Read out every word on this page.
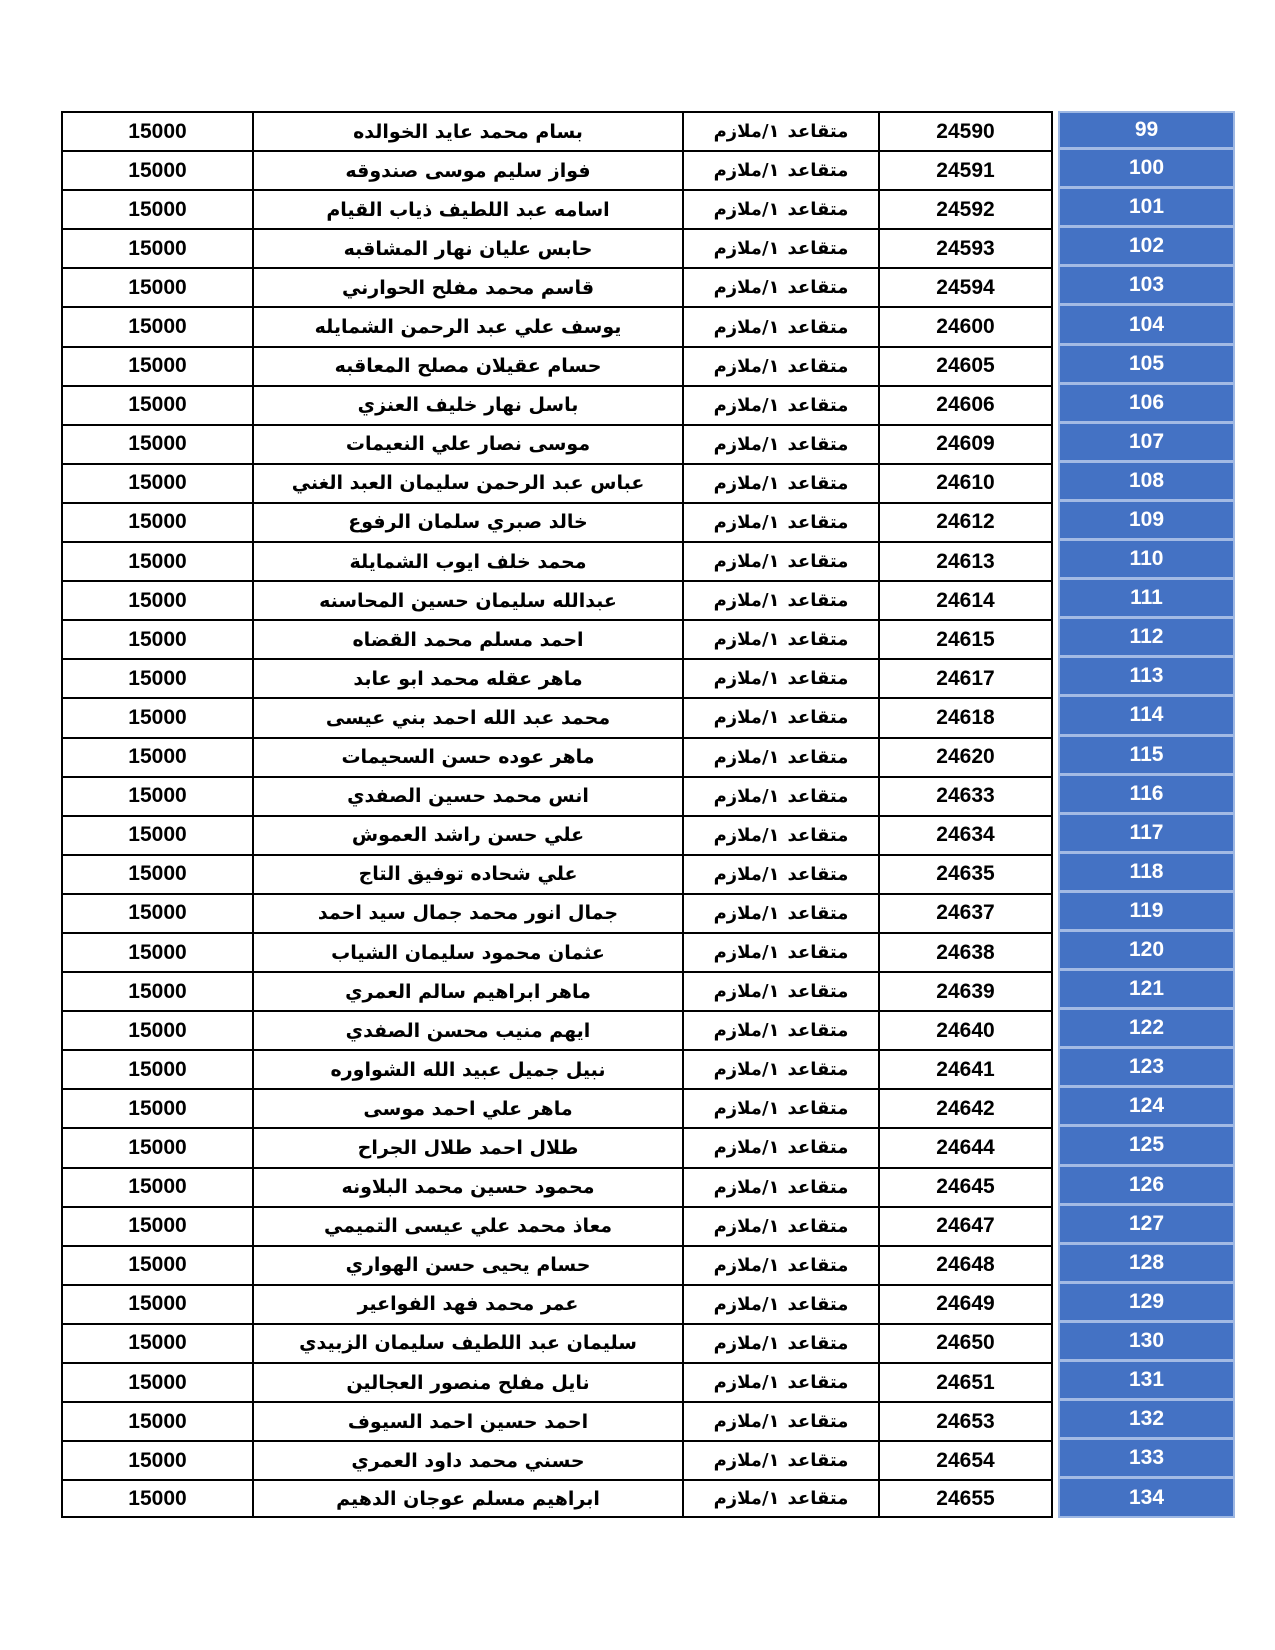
15000	بسام محمد عايد الخوالده	ملازم /١ متقاعد	24590	99
15000	فواز سليم موسى صندوقه	ملازم /١ متقاعد	24591	100
15000	اسامه عبد اللطيف ذياب القيام	ملازم /١ متقاعد	24592	101
15000	حابس عليان نهار المشاقبه	ملازم /١ متقاعد	24593	102
15000	قاسم محمد مفلح الحوارني	ملازم /١ متقاعد	24594	103
15000	يوسف علي عبد الرحمن الشمايله	ملازم /١ متقاعد	24600	104
15000	حسام عقيلان مصلح المعاقبه	ملازم /١ متقاعد	24605	105
15000	باسل نهار خليف العنزي	ملازم /١ متقاعد	24606	106
15000	موسى نصار علي النعيمات	ملازم /١ متقاعد	24609	107
15000	عباس عبد الرحمن سليمان العبد الغني	ملازم /١ متقاعد	24610	108
15000	خالد صبري سلمان الرفوع	ملازم /١ متقاعد	24612	109
15000	محمد خلف ايوب الشمايلة	ملازم /١ متقاعد	24613	110
15000	عبدالله سليمان حسين المحاسنه	ملازم /١ متقاعد	24614	111
15000	احمد مسلم محمد القضاه	ملازم /١ متقاعد	24615	112
15000	ماهر عقله محمد ابو عابد	ملازم /١ متقاعد	24617	113
15000	محمد عبد الله احمد بني عيسى	ملازم /١ متقاعد	24618	114
15000	ماهر عوده حسن السحيمات	ملازم /١ متقاعد	24620	115
15000	انس محمد حسين الصفدي	ملازم /١ متقاعد	24633	116
15000	علي حسن راشد العموش	ملازم /١ متقاعد	24634	117
15000	علي شحاده توفيق التاج	ملازم /١ متقاعد	24635	118
15000	جمال انور محمد جمال سيد احمد	ملازم /١ متقاعد	24637	119
15000	عثمان محمود سليمان الشياب	ملازم /١ متقاعد	24638	120
15000	ماهر ابراهيم سالم العمري	ملازم /١ متقاعد	24639	121
15000	ايهم منيب محسن الصفدي	ملازم /١ متقاعد	24640	122
15000	نبيل جميل عبيد الله الشواوره	ملازم /١ متقاعد	24641	123
15000	ماهر علي احمد موسى	ملازم /١ متقاعد	24642	124
15000	طلال احمد طلال الجراح	ملازم /١ متقاعد	24644	125
15000	محمود حسين محمد البلاونه	ملازم /١ متقاعد	24645	126
15000	معاذ محمد علي عيسى التميمي	ملازم /١ متقاعد	24647	127
15000	حسام يحيى حسن الهواري	ملازم /١ متقاعد	24648	128
15000	عمر محمد فهد الفواعير	ملازم /١ متقاعد	24649	129
15000	سليمان عبد اللطيف سليمان الزبيدي	ملازم /١ متقاعد	24650	130
15000	نايل مفلح منصور العجالين	ملازم /١ متقاعد	24651	131
15000	احمد حسين احمد السيوف	ملازم /١ متقاعد	24653	132
15000	حسني محمد داود العمري	ملازم /١ متقاعد	24654	133
15000	ابراهيم مسلم عوجان الدهيم	ملازم /١ متقاعد	24655	134
